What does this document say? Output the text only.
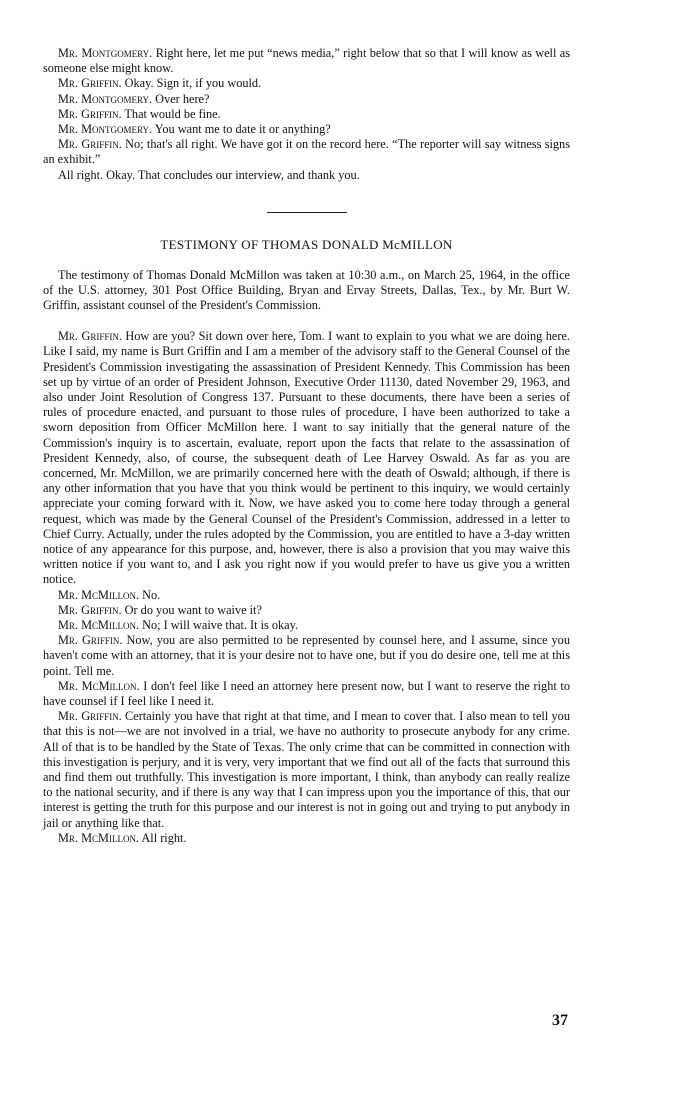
Mr. Montgomery. Right here, let me put “news media,” right below that so that I will know as well as someone else might know.

Mr. Griffin. Okay. Sign it, if you would.

Mr. Montgomery. Over here?

Mr. Griffin. That would be fine.

Mr. Montgomery. You want me to date it or anything?

Mr. Griffin. No; that's all right. We have got it on the record here. “The reporter will say witness signs an exhibit.”

All right. Okay. That concludes our interview, and thank you.

TESTIMONY OF THOMAS DONALD McMILLON

The testimony of Thomas Donald McMillon was taken at 10:30 a.m., on March 25, 1964, in the office of the U.S. attorney, 301 Post Office Building, Bryan and Ervay Streets, Dallas, Tex., by Mr. Burt W. Griffin, assistant counsel of the President's Commission.

Mr. Griffin. How are you? Sit down over here, Tom. I want to explain to you what we are doing here. Like I said, my name is Burt Griffin and I am a member of the advisory staff to the General Counsel of the President's Commission investigating the assassination of President Kennedy. This Commission has been set up by virtue of an order of President Johnson, Executive Order 11130, dated November 29, 1963, and also under Joint Resolution of Congress 137. Pursuant to these documents, there have been a series of rules of procedure enacted, and pursuant to those rules of procedure, I have been authorized to take a sworn deposition from Officer McMillon here. I want to say initially that the general nature of the Commission's inquiry is to ascertain, evaluate, report upon the facts that relate to the assassination of President Kennedy, also, of course, the subsequent death of Lee Harvey Oswald. As far as you are concerned, Mr. McMillon, we are primarily concerned here with the death of Oswald; although, if there is any other information that you have that you think would be pertinent to this inquiry, we would certainly appreciate your coming forward with it. Now, we have asked you to come here today through a general request, which was made by the General Counsel of the President's Commission, addressed in a letter to Chief Curry. Actually, under the rules adopted by the Commission, you are entitled to have a 3-day written notice of any appearance for this purpose, and, however, there is also a provision that you may waive this written notice if you want to, and I ask you right now if you would prefer to have us give you a written notice.

Mr. McMillon. No.

Mr. Griffin. Or do you want to waive it?

Mr. McMillon. No; I will waive that. It is okay.

Mr. Griffin. Now, you are also permitted to be represented by counsel here, and I assume, since you haven't come with an attorney, that it is your desire not to have one, but if you do desire one, tell me at this point. Tell me.

Mr. McMillon. I don't feel like I need an attorney here present now, but I want to reserve the right to have counsel if I feel like I need it.

Mr. Griffin. Certainly you have that right at that time, and I mean to cover that. I also mean to tell you that this is not—we are not involved in a trial, we have no authority to prosecute anybody for any crime. All of that is to be handled by the State of Texas. The only crime that can be committed in connection with this investigation is perjury, and it is very, very important that we find out all of the facts that surround this and find them out truthfully. This investigation is more important, I think, than anybody can really realize to the national security, and if there is any way that I can impress upon you the importance of this, that our interest is getting the truth for this purpose and our interest is not in going out and trying to put anybody in jail or anything like that.

Mr. McMillon. All right.

37
